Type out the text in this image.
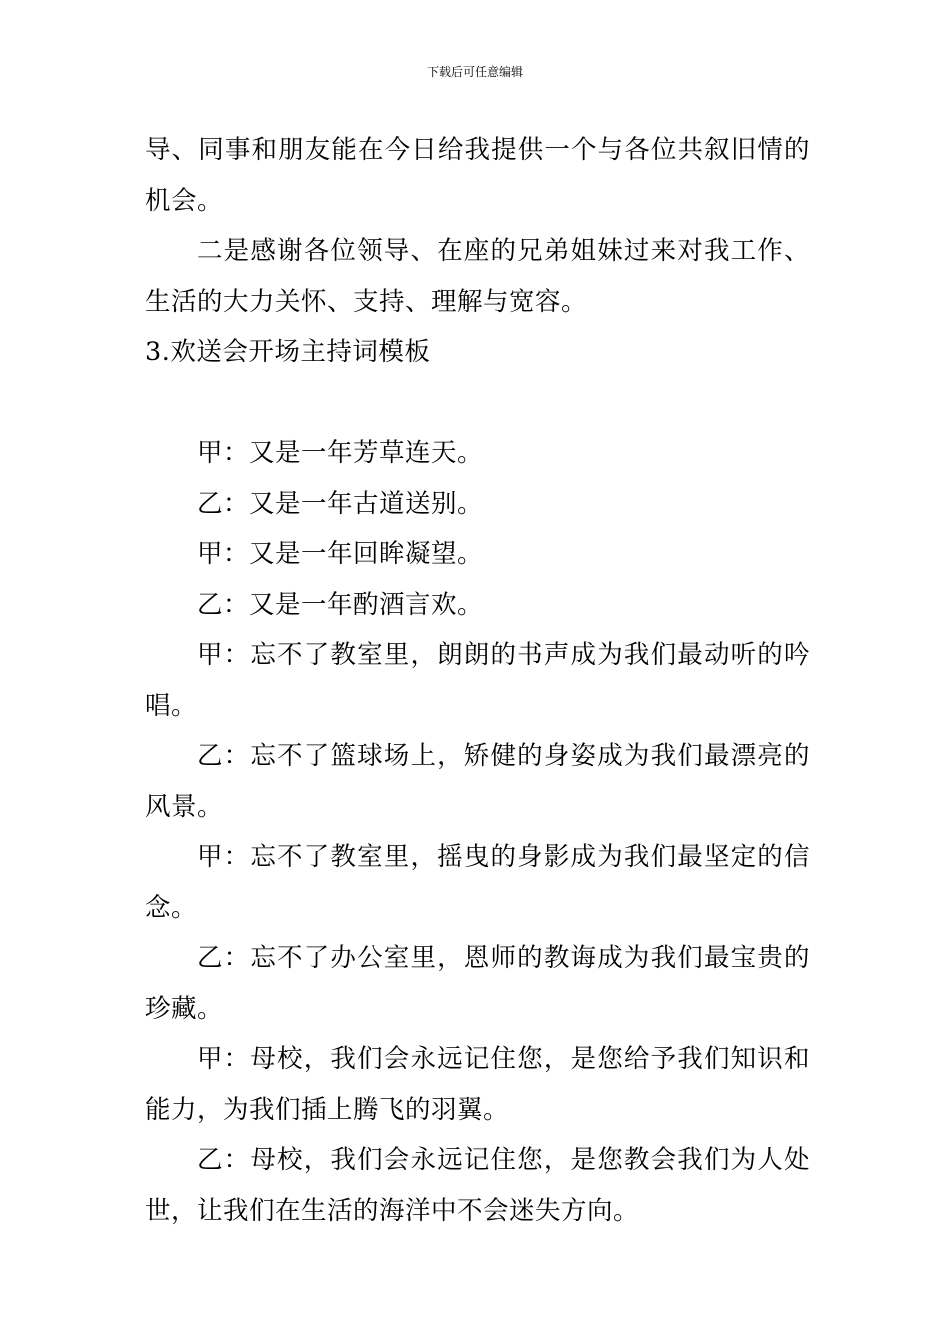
下载后可任意编辑

导、同事和朋友能在今日给我提供一个与各位共叙旧情的机会。

二是感谢各位领导、在座的兄弟姐妹过来对我工作、生活的大力关怀、支持、理解与宽容。

3.欢送会开场主持词模板

甲：又是一年芳草连天。

乙：又是一年古道送别。

甲：又是一年回眸凝望。

乙：又是一年酌酒言欢。

甲：忘不了教室里，朗朗的书声成为我们最动听的吟唱。

乙：忘不了篮球场上，矫健的身姿成为我们最漂亮的风景。

甲：忘不了教室里，摇曳的身影成为我们最坚定的信念。

乙：忘不了办公室里，恩师的教诲成为我们最宝贵的珍藏。

甲：母校，我们会永远记住您，是您给予我们知识和能力，为我们插上腾飞的羽翼。

乙：母校，我们会永远记住您，是您教会我们为人处世，让我们在生活的海洋中不会迷失方向。
